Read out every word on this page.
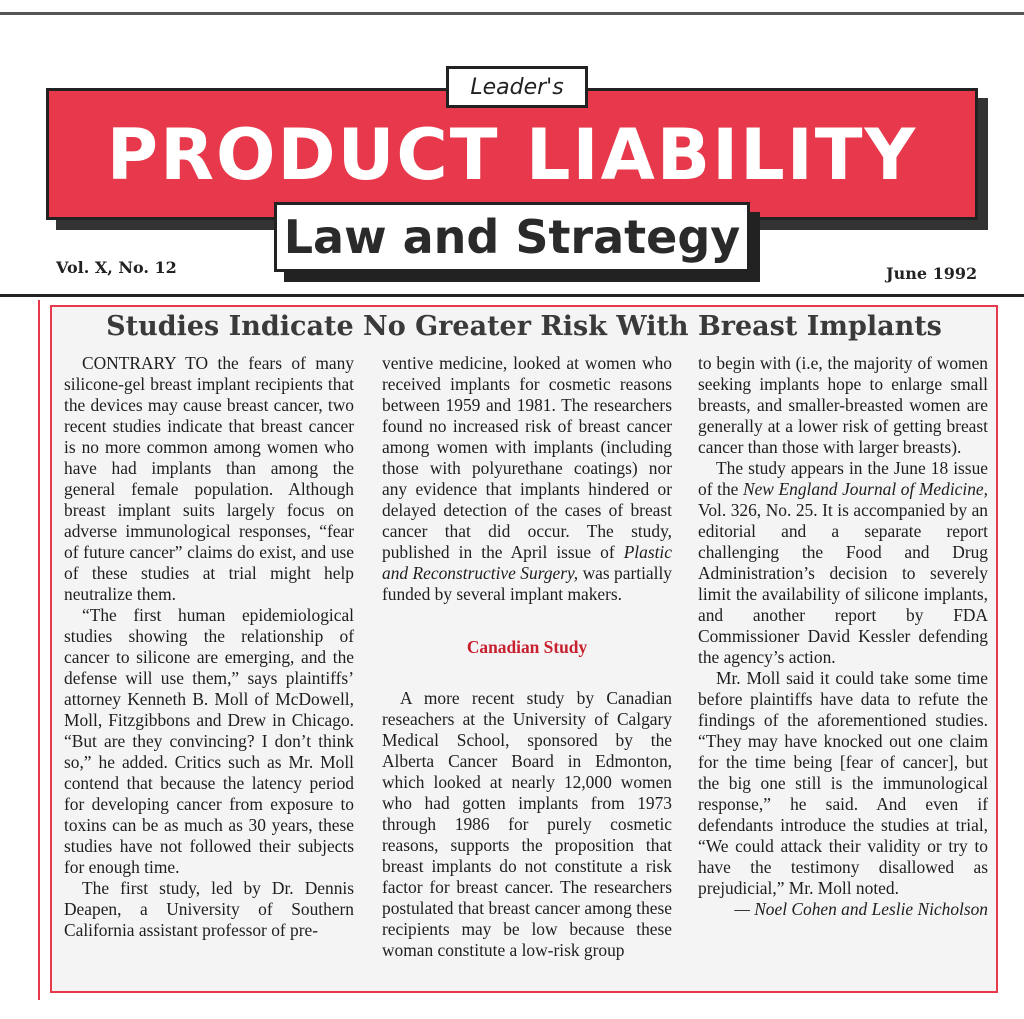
Leader's
PRODUCT LIABILITY
Law and Strategy
Vol. X, No. 12	June 1992
Studies Indicate No Greater Risk With Breast Implants

CONTRARY TO the fears of many silicone-gel breast implant recipients that the devices may cause breast cancer, two recent studies indicate that breast cancer is no more common among women who have had implants than among the general female population. Although breast implant suits largely focus on adverse immunological responses, “fear of future cancer” claims do exist, and use of these studies at trial might help neutralize them.

“The first human epidemiological studies showing the relationship of cancer to silicone are emerging, and the defense will use them,” says plaintiffs’ attorney Kenneth B. Moll of McDowell, Moll, Fitzgibbons and Drew in Chicago. “But are they convincing? I don’t think so,” he added. Critics such as Mr. Moll contend that because the latency period for developing cancer from exposure to toxins can be as much as 30 years, these studies have not followed their subjects for enough time.

The first study, led by Dr. Dennis Deapen, a University of Southern California assistant professor of pre-

ventive medicine, looked at women who received implants for cosmetic reasons between 1959 and 1981. The researchers found no increased risk of breast cancer among women with implants (including those with polyurethane coatings) nor any evidence that implants hindered or delayed detection of the cases of breast cancer that did occur. The study, published in the April issue of Plastic and Reconstructive Surgery, was partially funded by several implant makers.

Canadian Study

A more recent study by Canadian reseachers at the University of Calgary Medical School, sponsored by the Alberta Cancer Board in Edmonton, which looked at nearly 12,000 women who had gotten implants from 1973 through 1986 for purely cosmetic reasons, supports the proposition that breast implants do not constitute a risk factor for breast cancer. The researchers postulated that breast cancer among these recipients may be low because these woman constitute a low-risk group

to begin with (i.e, the majority of women seeking implants hope to enlarge small breasts, and smaller-breasted women are generally at a lower risk of getting breast cancer than those with larger breasts).

The study appears in the June 18 issue of the New England Journal of Medicine, Vol. 326, No. 25. It is accompanied by an editorial and a separate report challenging the Food and Drug Administration’s decision to severely limit the availability of silicone implants, and another report by FDA Commissioner David Kessler defending the agency’s action.

Mr. Moll said it could take some time before plaintiffs have data to refute the findings of the aforementioned studies. “They may have knocked out one claim for the time being [fear of cancer], but the big one still is the immunological response,” he said. And even if defendants introduce the studies at trial, “We could attack their validity or try to have the testimony disallowed as prejudicial,” Mr. Moll noted.

— Noel Cohen and Leslie Nicholson
